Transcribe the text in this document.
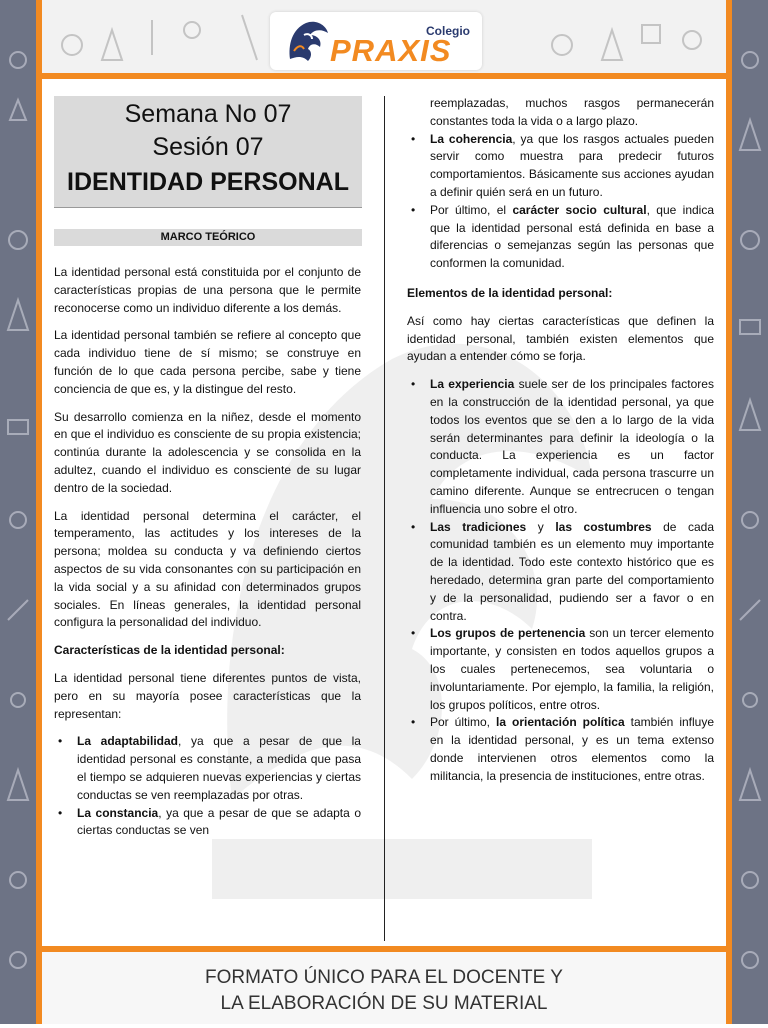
Colegio
PRAXIS
Semana No 07
Sesión 07
IDENTIDAD PERSONAL
MARCO TEÓRICO

La identidad personal está constituida por el conjunto de características propias de una persona que le permite reconocerse como un individuo diferente a los demás.

La identidad personal también se refiere al concepto que cada individuo tiene de sí mismo; se construye en función de lo que cada persona percibe, sabe y tiene conciencia de que es, y la distingue del resto.

Su desarrollo comienza en la niñez, desde el momento en que el individuo es consciente de su propia existencia; continúa durante la adolescencia y se consolida en la adultez, cuando el individuo es consciente de su lugar dentro de la sociedad.

La identidad personal determina el carácter, el temperamento, las actitudes y los intereses de la persona; moldea su conducta y va definiendo ciertos aspectos de su vida consonantes con su participación en la vida social y a su afinidad con determinados grupos sociales. En líneas generales, la identidad personal configura la personalidad del individuo.

Características de la identidad personal:

La identidad personal tiene diferentes puntos de vista, pero en su mayoría posee características que la representan:

• La adaptabilidad, ya que a pesar de que la identidad personal es constante, a medida que pasa el tiempo se adquieren nuevas experiencias y ciertas conductas se ven reemplazadas por otras.
• La constancia, ya que a pesar de que se adapta o ciertas conductas se ven
reemplazadas, muchos rasgos permanecerán constantes toda la vida o a largo plazo.
• La coherencia, ya que los rasgos actuales pueden servir como muestra para predecir futuros comportamientos. Básicamente sus acciones ayudan a definir quién será en un futuro.
• Por último, el carácter socio cultural, que indica que la identidad personal está definida en base a diferencias o semejanzas según las personas que conformen la comunidad.

Elementos de la identidad personal:

Así como hay ciertas características que definen la identidad personal, también existen elementos que ayudan a entender cómo se forja.

• La experiencia suele ser de los principales factores en la construcción de la identidad personal, ya que todos los eventos que se den a lo largo de la vida serán determinantes para definir la ideología o la conducta. La experiencia es un factor completamente individual, cada persona trascurre un camino diferente. Aunque se entrecrucen o tengan influencia uno sobre el otro.
• Las tradiciones y las costumbres de cada comunidad también es un elemento muy importante de la identidad. Todo este contexto histórico que es heredado, determina gran parte del comportamiento y de la personalidad, pudiendo ser a favor o en contra.
• Los grupos de pertenencia son un tercer elemento importante, y consisten en todos aquellos grupos a los cuales pertenecemos, sea voluntaria o involuntariamente. Por ejemplo, la familia, la religión, los grupos políticos, entre otros.
• Por último, la orientación política también influye en la identidad personal, y es un tema extenso donde intervienen otros elementos como la militancia, la presencia de instituciones, entre otras.
FORMATO ÚNICO PARA EL DOCENTE Y
LA ELABORACIÓN DE SU MATERIAL
